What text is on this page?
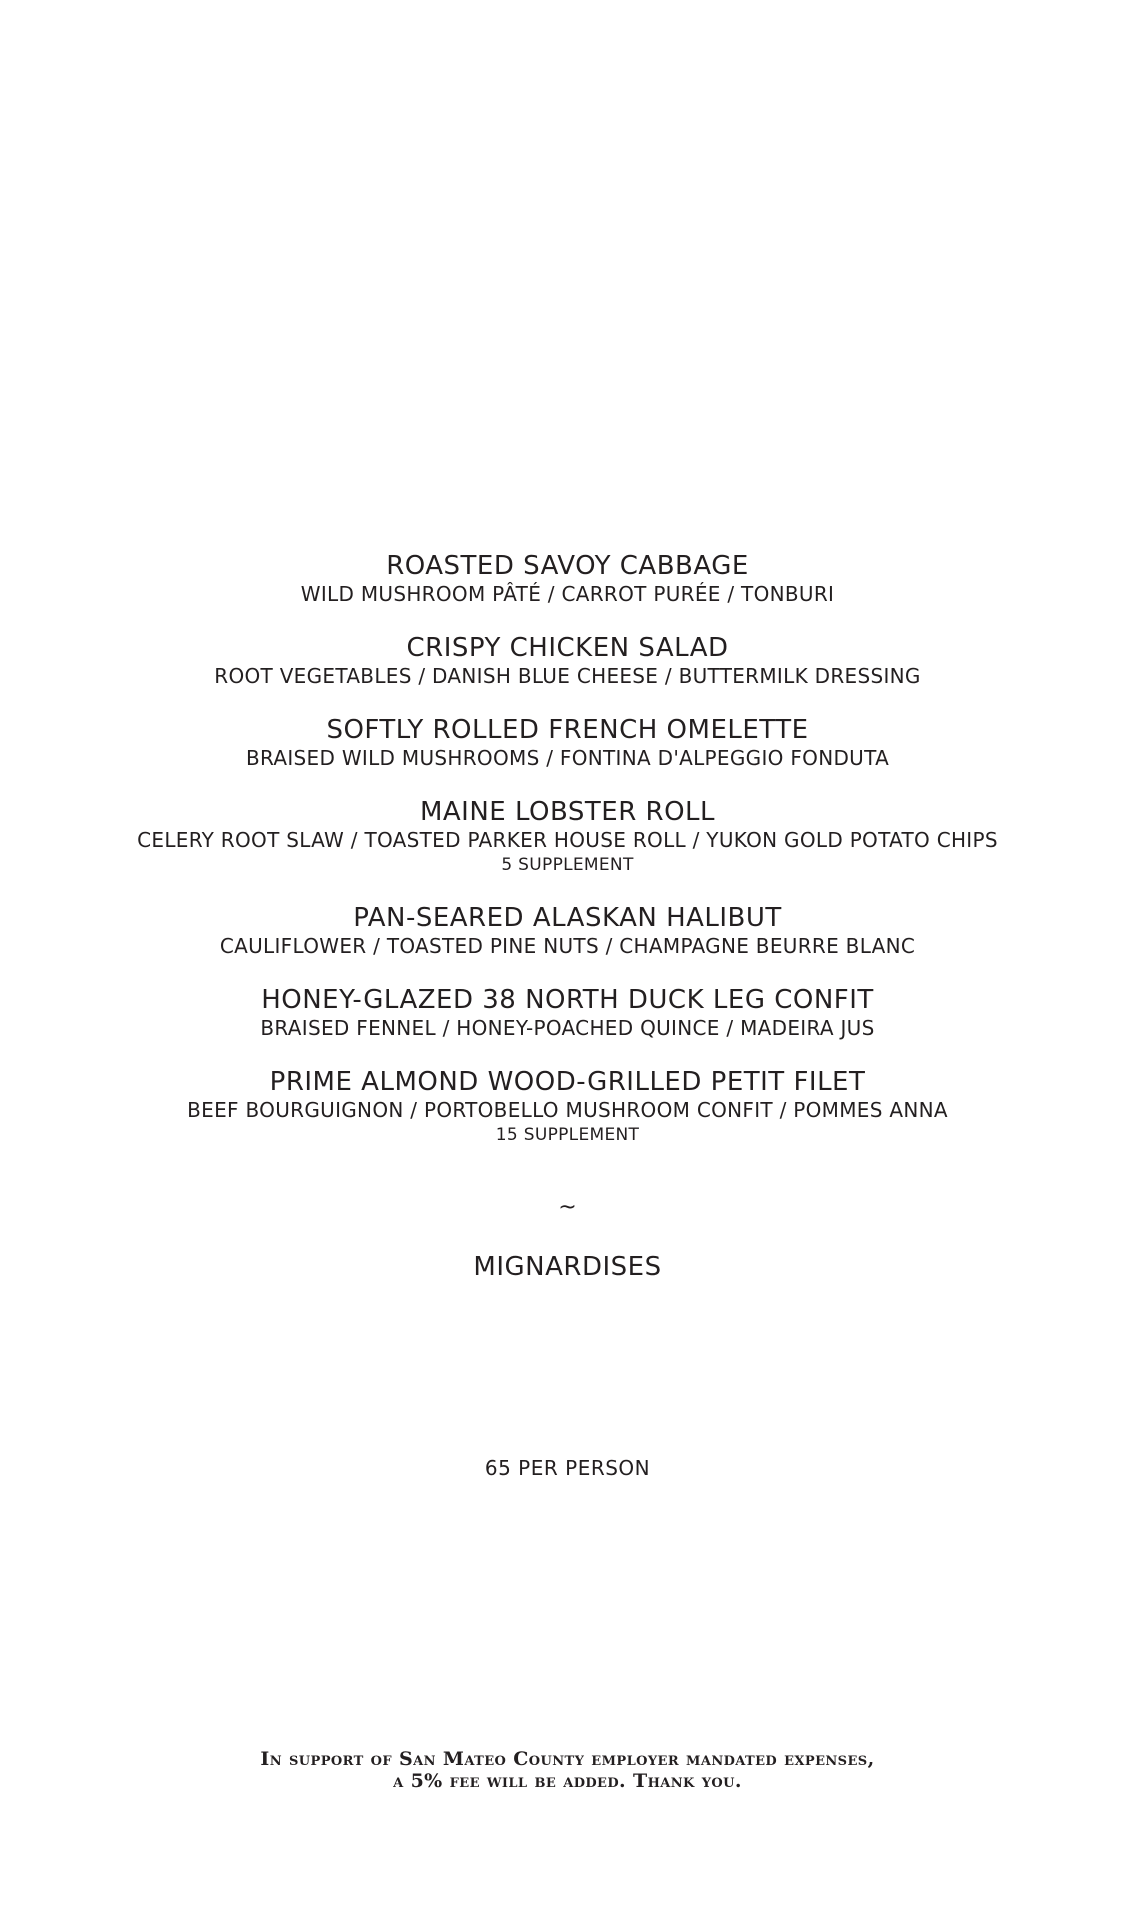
ROASTED SAVOY CABBAGE
WILD MUSHROOM PÂTÉ / CARROT PURÉE / TONBURI
CRISPY CHICKEN SALAD
ROOT VEGETABLES / DANISH BLUE CHEESE / BUTTERMILK DRESSING
SOFTLY ROLLED FRENCH OMELETTE
BRAISED WILD MUSHROOMS / FONTINA D'ALPEGGIO FONDUTA
MAINE LOBSTER ROLL
CELERY ROOT SLAW / TOASTED PARKER HOUSE ROLL / YUKON GOLD POTATO CHIPS
5 SUPPLEMENT
PAN-SEARED ALASKAN HALIBUT
CAULIFLOWER / TOASTED PINE NUTS / CHAMPAGNE BEURRE BLANC
HONEY-GLAZED 38 NORTH DUCK LEG CONFIT
BRAISED FENNEL / HONEY-POACHED QUINCE / MADEIRA JUS
PRIME ALMOND WOOD-GRILLED PETIT FILET
BEEF BOURGUIGNON / PORTOBELLO MUSHROOM CONFIT / POMMES ANNA
15 SUPPLEMENT
~
MIGNARDISES
65 PER PERSON
In support of San Mateo County employer mandated expenses,
a 5% fee will be added. Thank you.
